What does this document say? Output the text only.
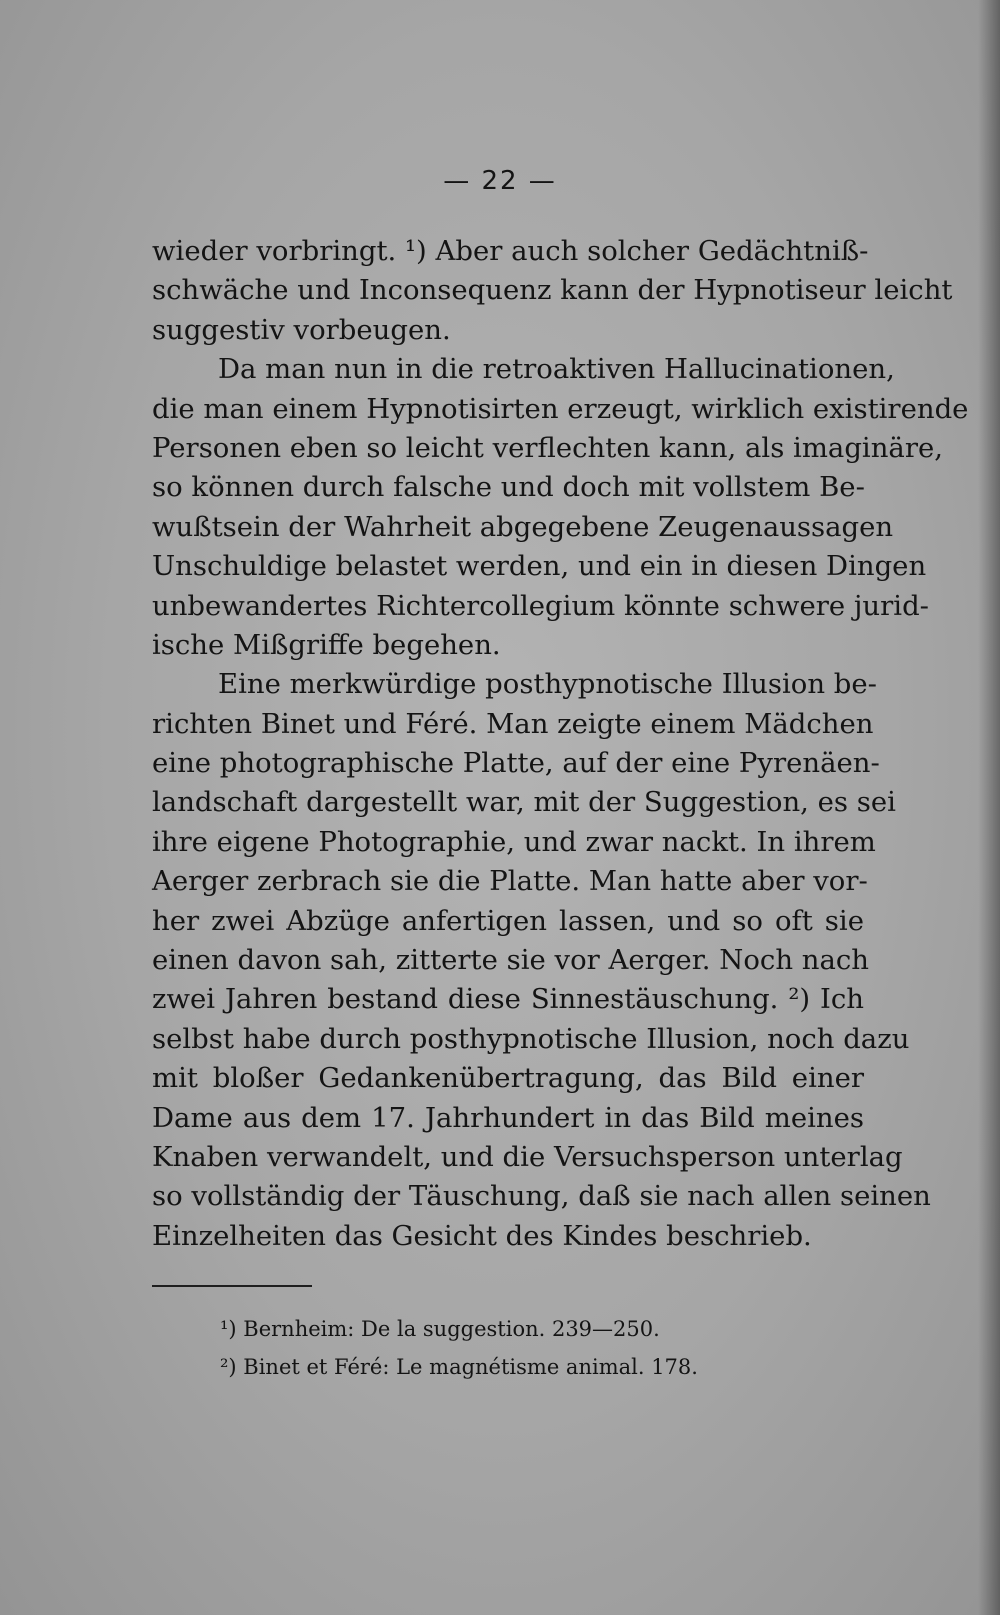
— 22 —
wieder vorbringt. ¹) Aber auch solcher Gedächtniß-
schwäche und Inconsequenz kann der Hypnotiseur leicht
suggestiv vorbeugen.
Da man nun in die retroaktiven Hallucinationen,
die man einem Hypnotisirten erzeugt, wirklich existirende
Personen eben so leicht verflechten kann, als imaginäre,
so können durch falsche und doch mit vollstem Be-
wußtsein der Wahrheit abgegebene Zeugenaussagen
Unschuldige belastet werden, und ein in diesen Dingen
unbewandertes Richtercollegium könnte schwere jurid-
ische Mißgriffe begehen.
Eine merkwürdige posthypnotische Illusion be-
richten Binet und Féré. Man zeigte einem Mädchen
eine photographische Platte, auf der eine Pyrenäen-
landschaft dargestellt war, mit der Suggestion, es sei
ihre eigene Photographie, und zwar nackt. In ihrem
Aerger zerbrach sie die Platte. Man hatte aber vor-
her zwei Abzüge anfertigen lassen, und so oft sie
einen davon sah, zitterte sie vor Aerger. Noch nach
zwei Jahren bestand diese Sinnestäuschung. ²) Ich
selbst habe durch posthypnotische Illusion, noch dazu
mit bloßer Gedankenübertragung, das Bild einer
Dame aus dem 17. Jahrhundert in das Bild meines
Knaben verwandelt, und die Versuchsperson unterlag
so vollständig der Täuschung, daß sie nach allen seinen
Einzelheiten das Gesicht des Kindes beschrieb.
¹) Bernheim: De la suggestion. 239—250.
²) Binet et Féré: Le magnétisme animal. 178.
